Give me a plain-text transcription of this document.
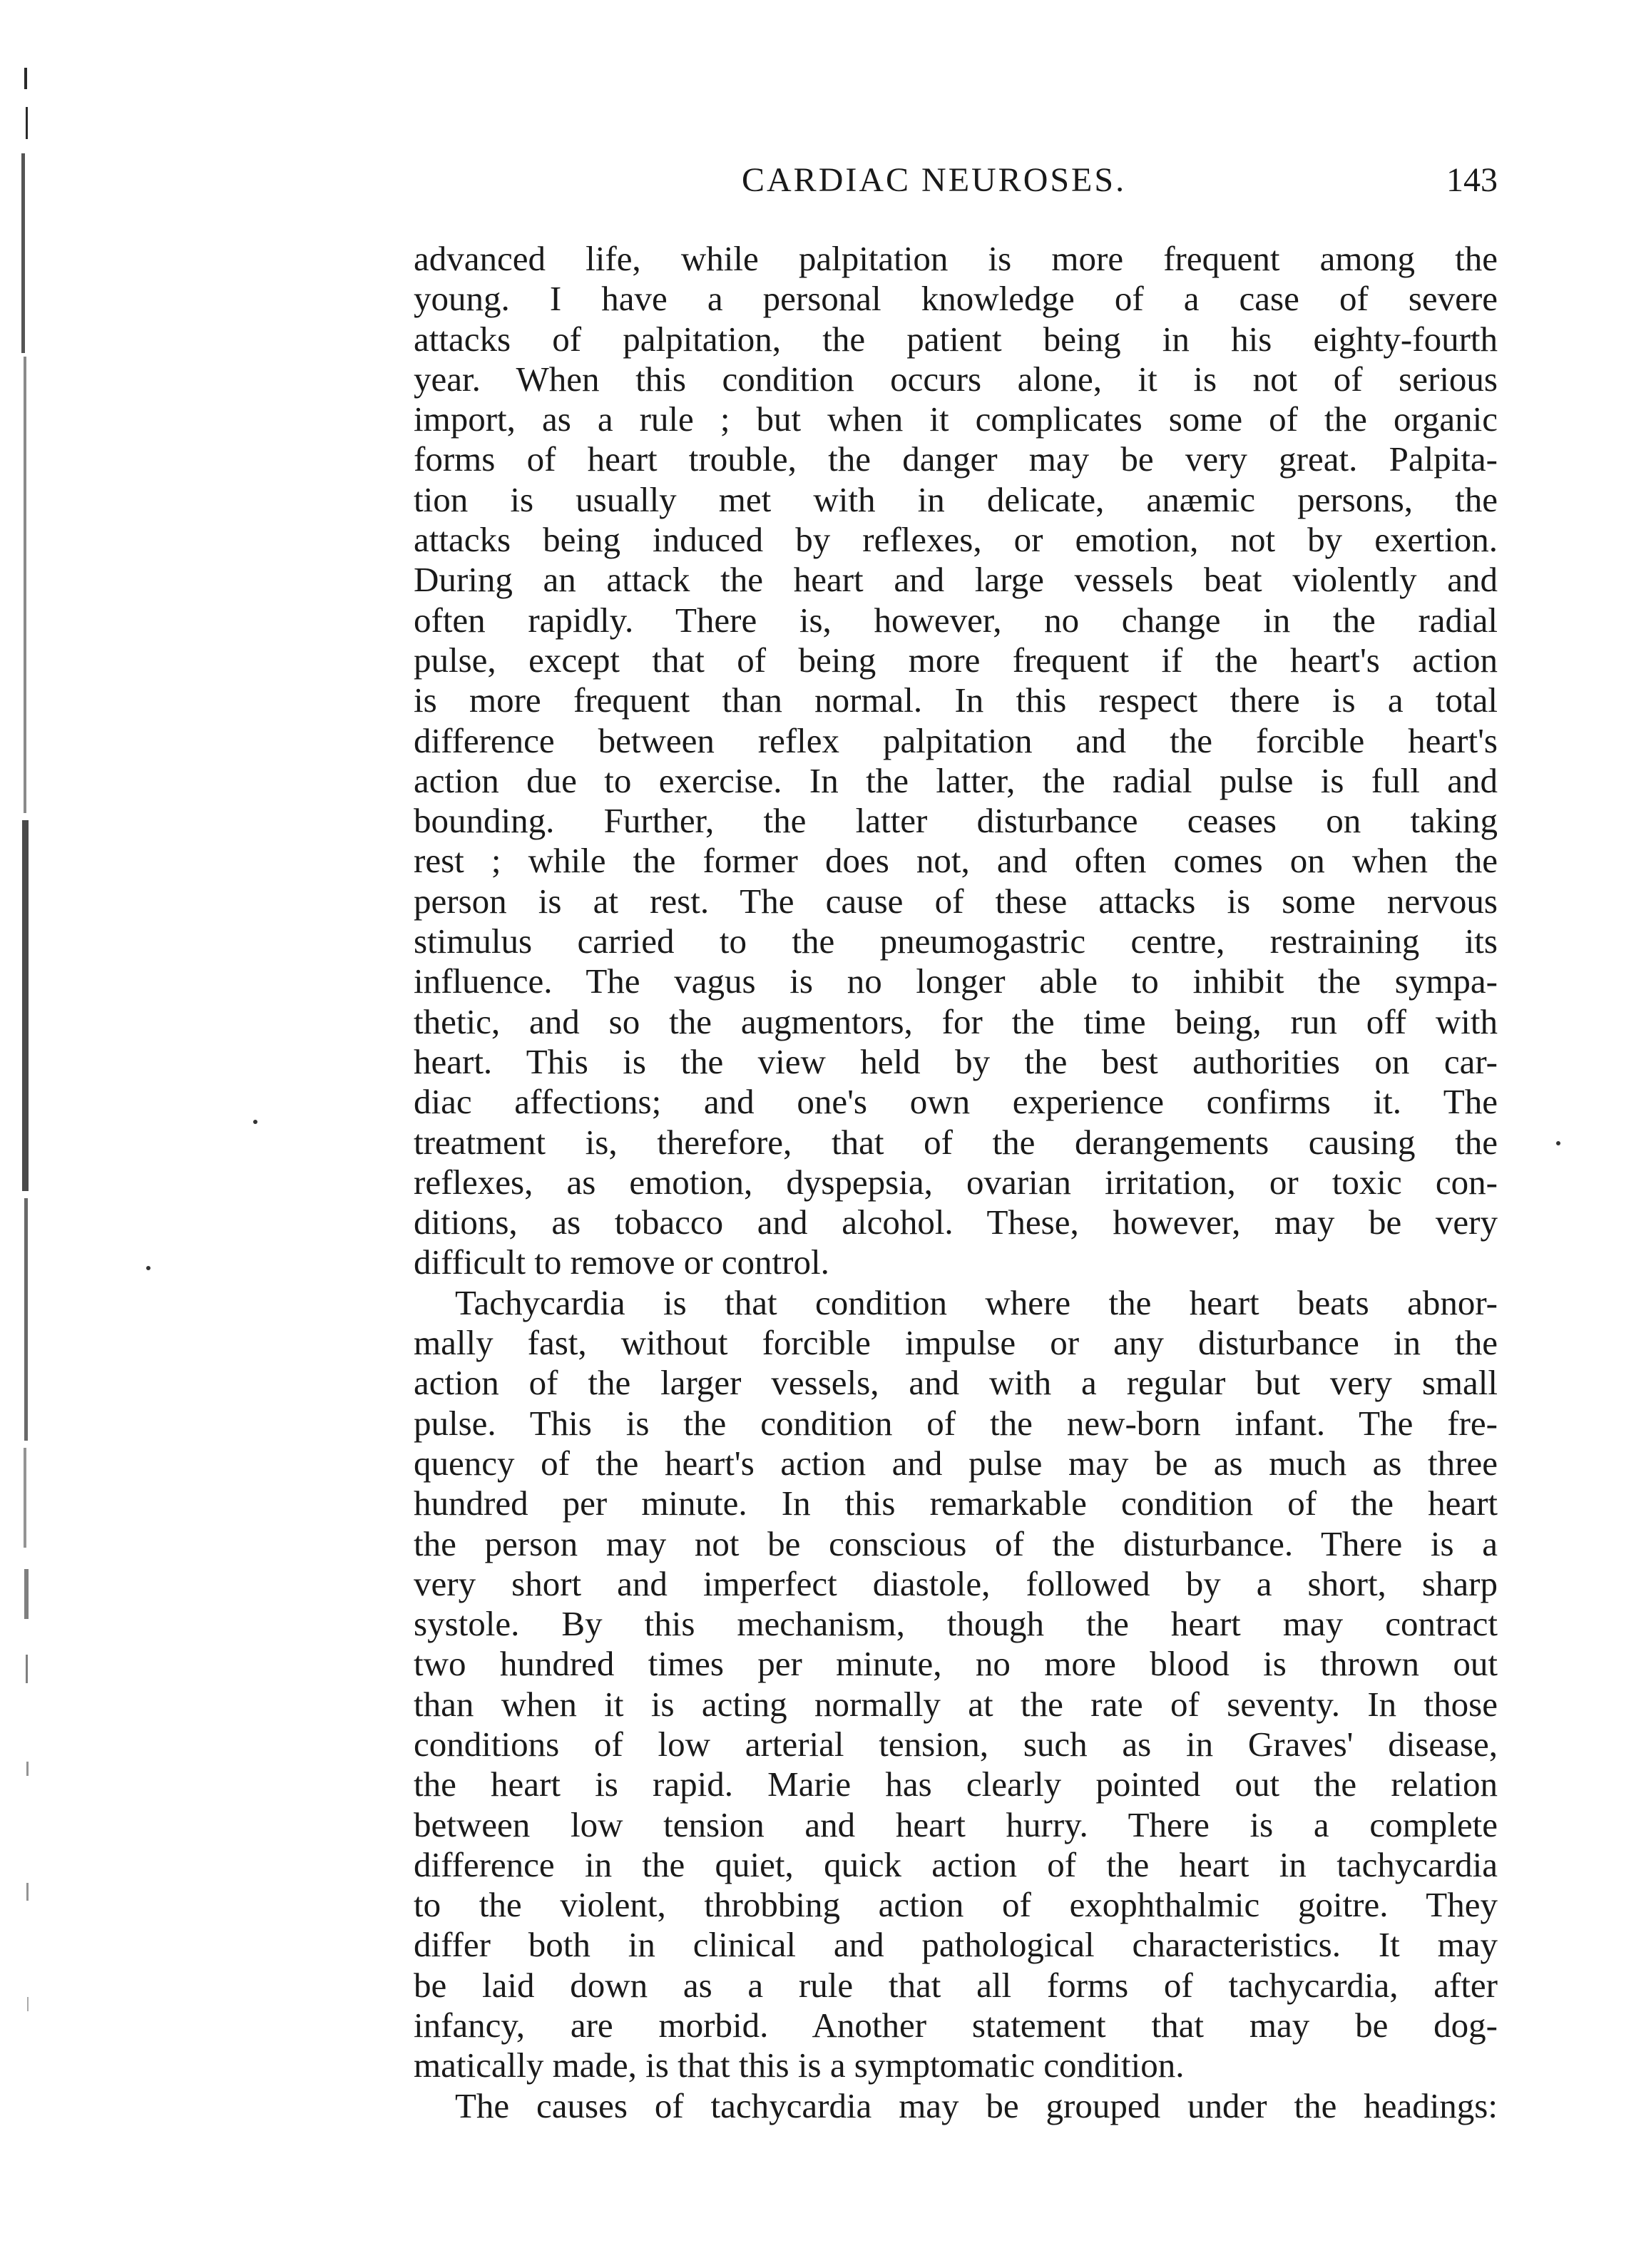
CARDIAC NEUROSES.	143
advanced life, while palpitation is more frequent among the
young. I have a personal knowledge of a case of severe
attacks of palpitation, the patient being in his eighty-fourth
year. When this condition occurs alone, it is not of serious
import, as a rule ; but when it complicates some of the organic
forms of heart trouble, the danger may be very great. Palpita-
tion is usually met with in delicate, anæmic persons, the
attacks being induced by reflexes, or emotion, not by exertion.
During an attack the heart and large vessels beat violently and
often rapidly. There is, however, no change in the radial
pulse, except that of being more frequent if the heart's action
is more frequent than normal. In this respect there is a total
difference between reflex palpitation and the forcible heart's
action due to exercise. In the latter, the radial pulse is full and
bounding. Further, the latter disturbance ceases on taking
rest ; while the former does not, and often comes on when the
person is at rest. The cause of these attacks is some nervous
stimulus carried to the pneumogastric centre, restraining its
influence. The vagus is no longer able to inhibit the sympa-
thetic, and so the augmentors, for the time being, run off with
heart. This is the view held by the best authorities on car-
diac affections; and one's own experience confirms it. The
treatment is, therefore, that of the derangements causing the
reflexes, as emotion, dyspepsia, ovarian irritation, or toxic con-
ditions, as tobacco and alcohol. These, however, may be very
difficult to remove or control.
Tachycardia is that condition where the heart beats abnor-
mally fast, without forcible impulse or any disturbance in the
action of the larger vessels, and with a regular but very small
pulse. This is the condition of the new-born infant. The fre-
quency of the heart's action and pulse may be as much as three
hundred per minute. In this remarkable condition of the heart
the person may not be conscious of the disturbance. There is a
very short and imperfect diastole, followed by a short, sharp
systole. By this mechanism, though the heart may contract
two hundred times per minute, no more blood is thrown out
than when it is acting normally at the rate of seventy. In those
conditions of low arterial tension, such as in Graves' disease,
the heart is rapid. Marie has clearly pointed out the relation
between low tension and heart hurry. There is a complete
difference in the quiet, quick action of the heart in tachycardia
to the violent, throbbing action of exophthalmic goitre. They
differ both in clinical and pathological characteristics. It may
be laid down as a rule that all forms of tachycardia, after
infancy, are morbid. Another statement that may be dog-
matically made, is that this is a symptomatic condition.
The causes of tachycardia may be grouped under the headings:
